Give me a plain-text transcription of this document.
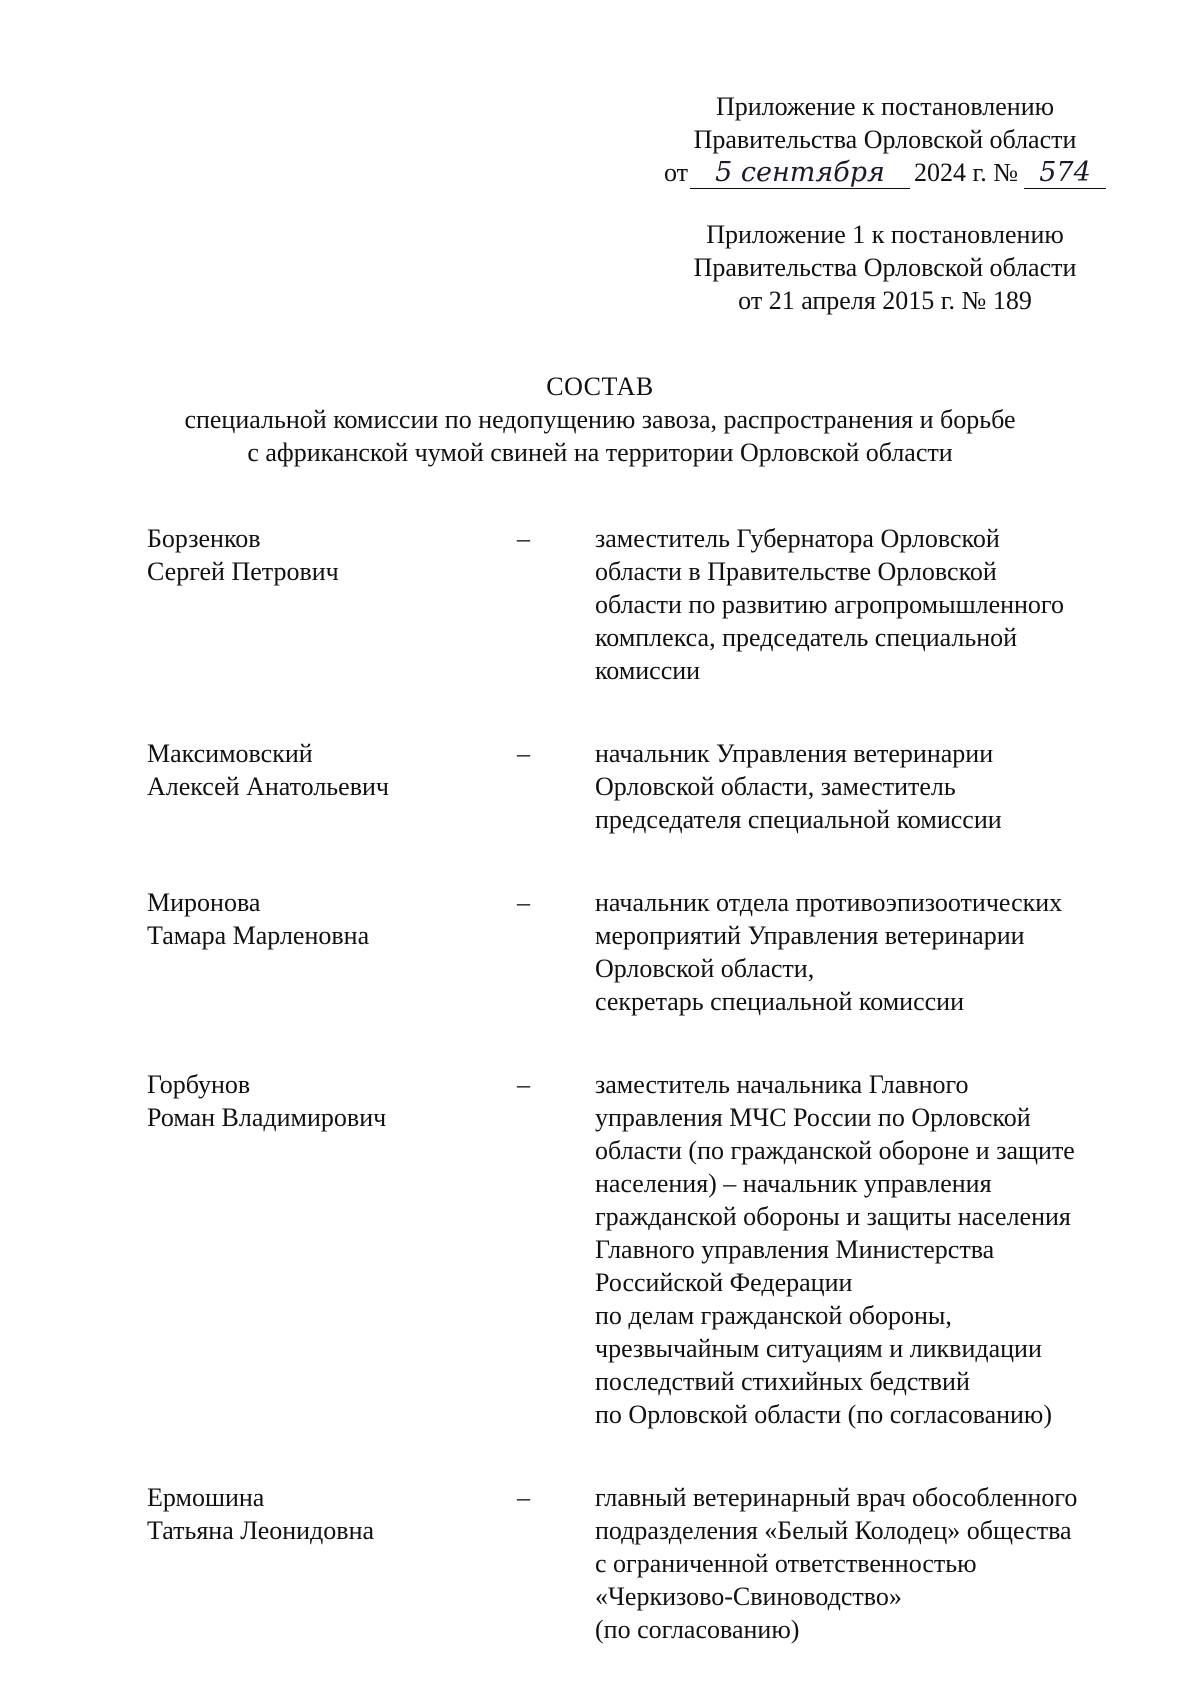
Приложение к постановлению
Правительства Орловской области
от	5 сентября	2024 г. № 574
Приложение 1 к постановлению
Правительства Орловской области
от 21 апреля 2015 г. № 189
СОСТАВ
специальной комиссии по недопущению завоза, распространения и борьбе
с африканской чумой свиней на территории Орловской области
Борзенков
Сергей Петрович
–	заместитель Губернатора Орловской
области в Правительстве Орловской
области по развитию агропромышленного
комплекса, председатель специальной
комиссии
Максимовский
Алексей Анатольевич
–	начальник Управления ветеринарии
Орловской области, заместитель
председателя специальной комиссии
Миронова
Тамара Марленовна
–	начальник отдела противоэпизоотических
мероприятий Управления ветеринарии
Орловской области,
секретарь специальной комиссии
Горбунов
Роман Владимирович
–	заместитель начальника Главного
управления МЧС России по Орловской
области (по гражданской обороне и защите
населения) – начальник управления
гражданской обороны и защиты населения
Главного управления Министерства
Российской Федерации
по делам гражданской обороны,
чрезвычайным ситуациям и ликвидации
последствий стихийных бедствий
по Орловской области (по согласованию)
Ермошина
Татьяна Леонидовна
–	главный ветеринарный врач обособленного
подразделения «Белый Колодец» общества
с ограниченной ответственностью
«Черкизово-Свиноводство»
(по согласованию)
